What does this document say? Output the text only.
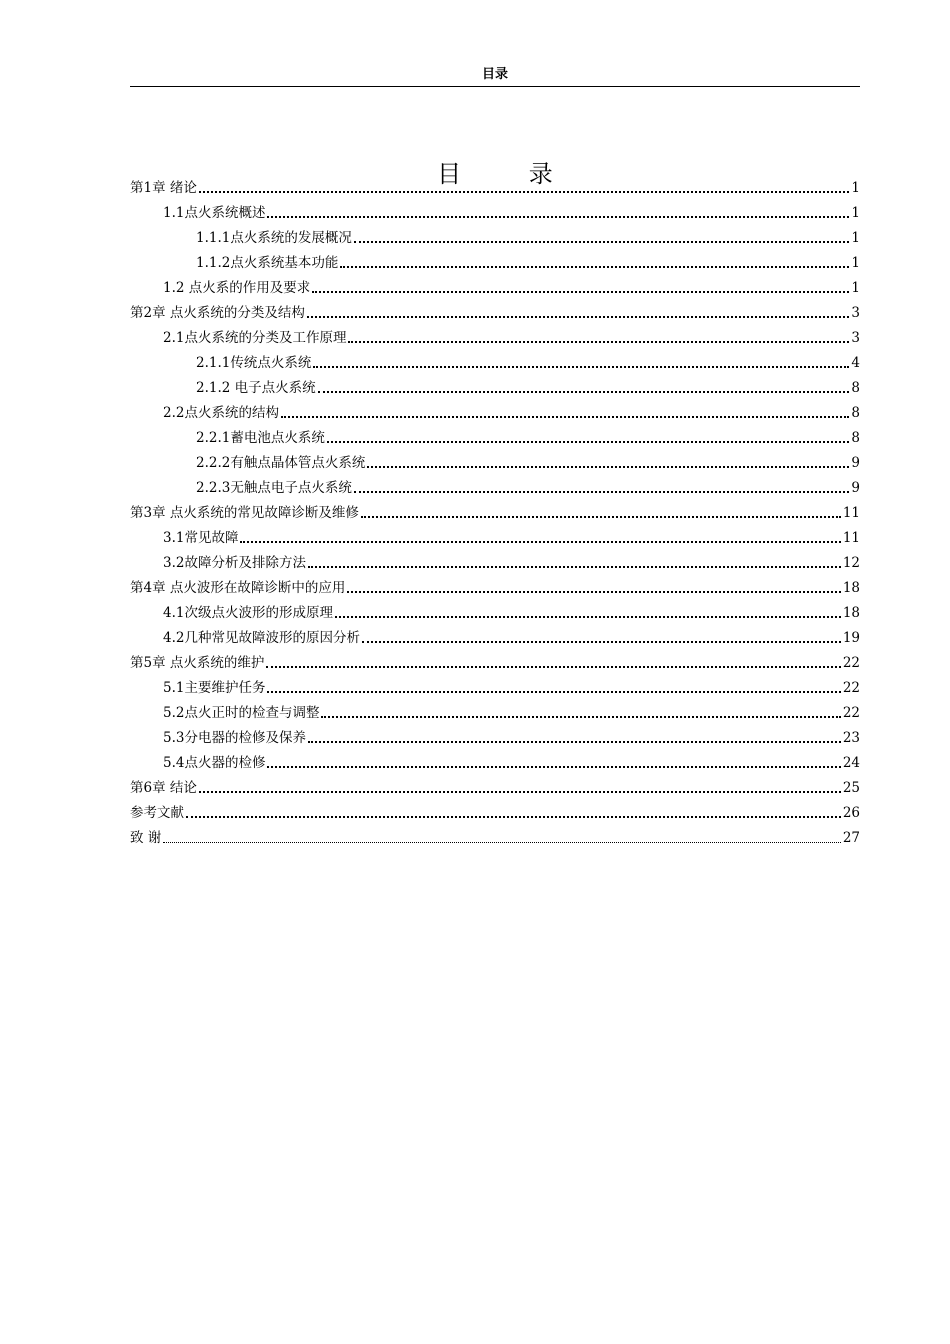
目录
目 录
第1章 绪论	1
1.1点火系统概述	1
1.1.1点火系统的发展概况	1
1.1.2点火系统基本功能	1
1.2 点火系的作用及要求	1
第2章 点火系统的分类及结构	3
2.1点火系统的分类及工作原理	3
2.1.1传统点火系统	4
2.1.2 电子点火系统	8
2.2点火系统的结构	8
2.2.1蓄电池点火系统	8
2.2.2有触点晶体管点火系统	9
2.2.3无触点电子点火系统	9
第3章 点火系统的常见故障诊断及维修	11
3.1常见故障	11
3.2故障分析及排除方法	12
第4章 点火波形在故障诊断中的应用	18
4.1次级点火波形的形成原理	18
4.2几种常见故障波形的原因分析	19
第5章 点火系统的维护	22
5.1主要维护任务	22
5.2点火正时的检查与调整	22
5.3分电器的检修及保养	23
5.4点火器的检修	24
第6章 结论	25
参考文献	26
致 谢	27
